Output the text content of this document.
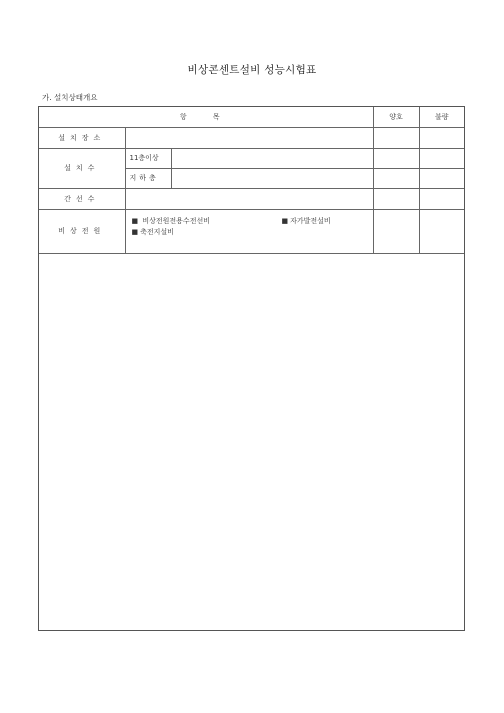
비상콘센트설비 성능시험표
가. 설치상태개요
항 목			양호	불량
설치장소				
설치수	11층이상			
	지하층			
간선수				
비상전원	■ 비상전원전용수전선비 ■ 자가발전설비
■ 축전지설비			
